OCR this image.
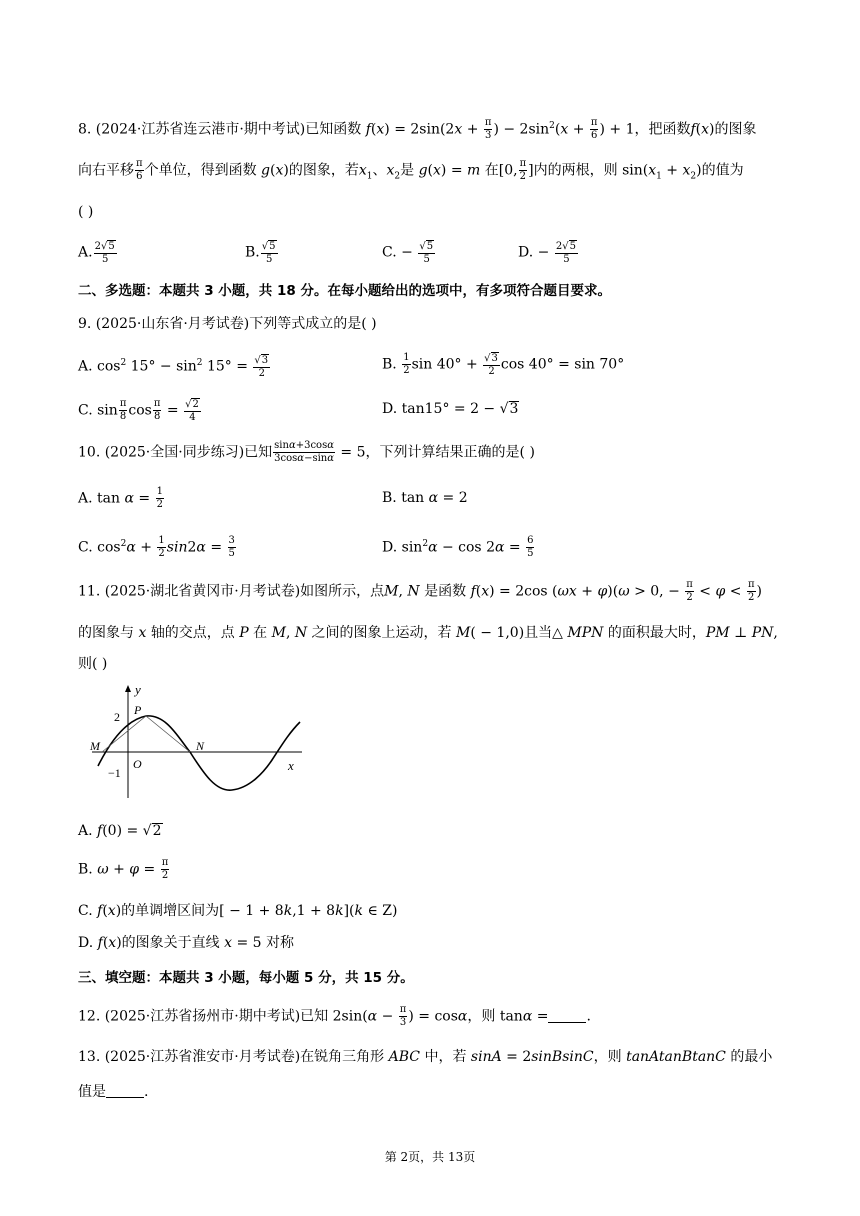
8. (2024·江苏省连云港市·期中考试)已知函数 $f(x) = 2\sin(2x + \frac{\pi}{3}$ ) − $2\sin^2(x + \frac{\pi}{6}$ ) + 1，把函数f(x)的图象
向右平移 $\frac{\pi}{6}$ 个单位，得到函数 g(x)的图象，若$x_1$、$x_2$是 g(x) = m 在[0, $\frac{\pi}{2}$ ]内的两根，则 $\sin(x_1 + x_2)$的值为
( )
A. $\frac{2√5}{5}$	B. $\frac{√5}{5}$	C. − $\frac{√5}{5}$	D. − $\frac{2√5}{5}$
二、多选题：本题共 3 小题，共 18 分。在每小题给出的选项中，有多项符合题目要求。
9. (2025·山东省·月考试卷)下列等式成立的是( )
A. $\cos^2 15^\circ - \sin^2 15^\circ = \frac{√3}{2}$	B. $\frac{1}{2}$ $\sin 40^\circ + \frac{√3}{2}$ cos 40° = sin 70°
C. $\sin \frac{\pi}{8}$ $\cos \frac{\pi}{8} = \frac{√2}{4}$	D. tan15° = 2 − √3
10. (2025·全国·同步练习)已知 $\frac{\sin\alpha+3\cos\alpha}{3\cos\alpha-\sin\alpha} = 5$，下列计算结果正确的是( )
A. $\tan \alpha = \frac{1}{2}$	B. tan α = 2
C. $\cos^2\alpha + \frac{1}{2} \sin 2\alpha = \frac{3}{5}$	D. $\sin^2\alpha - \cos 2\alpha = \frac{6}{5}$
11. (2025·湖北省黄冈市·月考试卷)如图所示，点M, N 是函数 f(x) = 2cos (ωx + φ)(ω > 0, − $\frac{\pi}{2} < \varphi < \frac{\pi}{2}$ )
的图象与 x 轴的交点，点 P 在 M, N 之间的图象上运动，若 M( − 1,0)且当△ MPN 的面积最大时，PM ⊥ PN,
则( )
y
x
2
−1
O
P
M	N
A. f(0) = √2
B. $\omega + \varphi = \frac{\pi}{2}$
C. f(x)的单调增区间为[ − 1 + 8k,1 + 8k](k ∈ Z)
D. f(x)的图象关于直线 x = 5 对称
三、填空题：本题共 3 小题，每小题 5 分，共 15 分。
12. (2025·江苏省扬州市·期中考试)已知 $2\sin(\alpha - \frac{\pi}{3}$ ) = cosα，则 tanα =	.
13. (2025·江苏省淮安市·月考试卷)在锐角三角形 ABC 中，若 sinA = 2sinBsinC，则 tanAtanBtanC 的最小
值是	.
第 2页，共 13页
